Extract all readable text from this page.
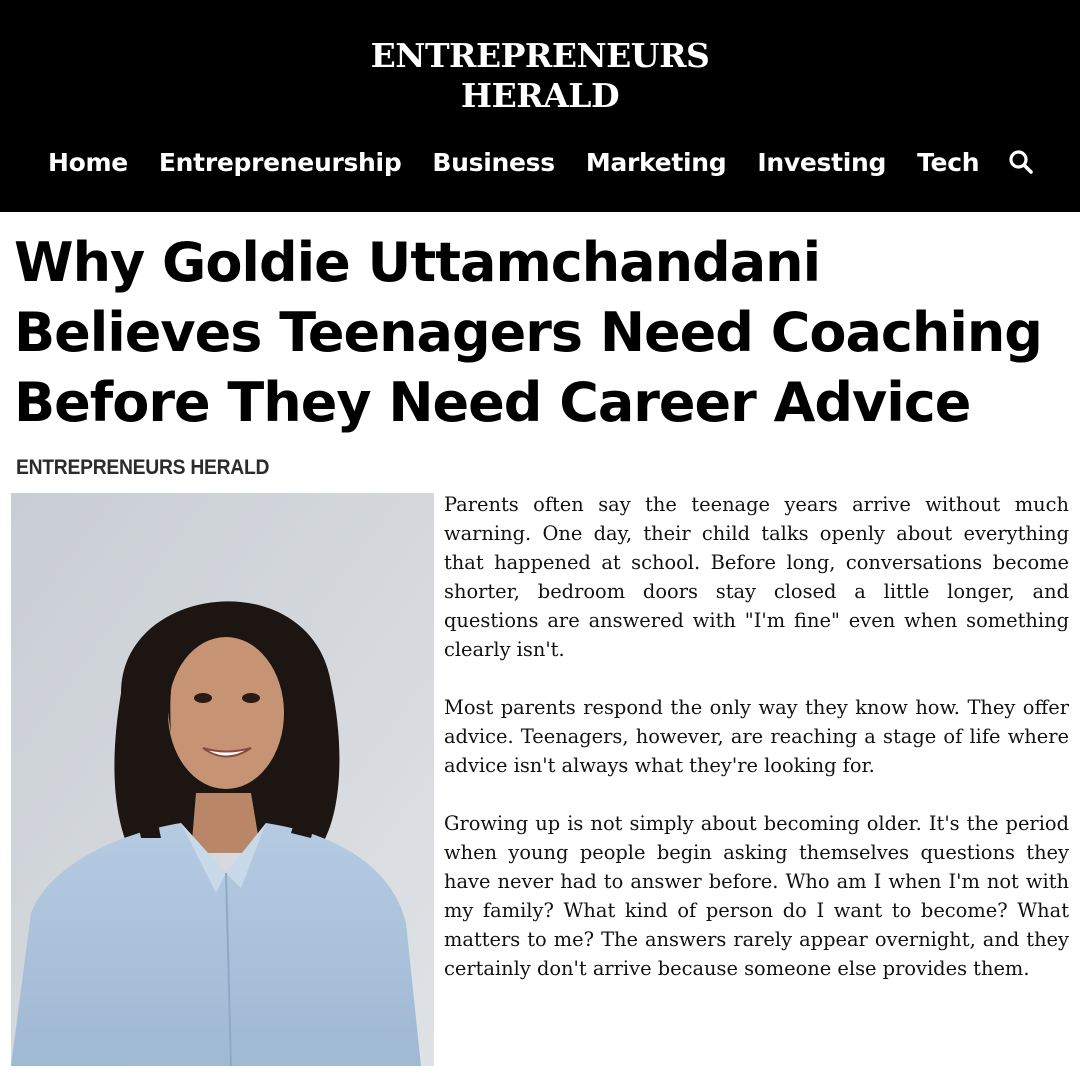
ENTREPRENEURS
HERALD
Home Entrepreneurship Business Marketing Investing Tech
Why Goldie Uttamchandani Believes Teenagers Need Coaching Before They Need Career Advice
ENTREPRENEURS HERALD

Parents often say the teenage years arrive without much warning. One day, their child talks openly about everything that happened at school. Before long, conversations become shorter, bedroom doors stay closed a little longer, and questions are answered with "I'm fine" even when something clearly isn't.

Most parents respond the only way they know how. They offer advice. Teenagers, however, are reaching a stage of life where advice isn't always what they're looking for.

Growing up is not simply about becoming older. It's the period when young people begin asking themselves questions they have never had to answer before. Who am I when I'm not with my family? What kind of person do I want to become? What matters to me? The answers rarely appear overnight, and they certainly don't arrive because someone else provides them.
